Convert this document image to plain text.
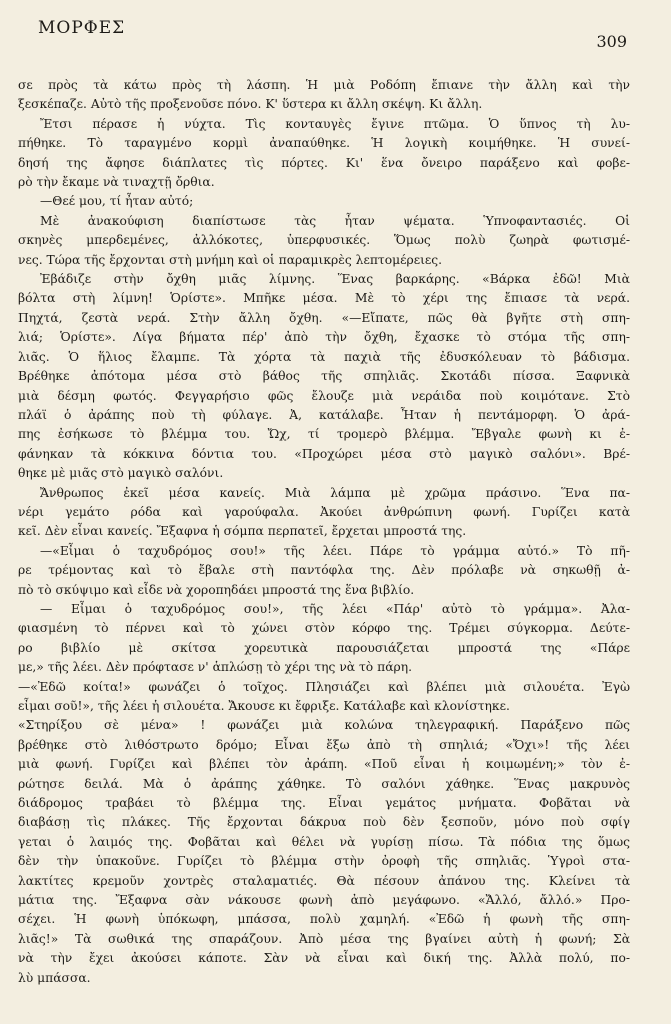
ΜΟΡΦΕΣ
309
σε πρὸς τὰ κάτω πρὸς τὴ λάσπη. Ἡ μιὰ Ροδόπη ἔπιανε τὴν ἄλλη καὶ τὴν
ξεσκέπαζε. Αὐτὸ τῆς προξενοῦσε πόνο. Κ' ὕστερα κι ἄλλη σκέψη. Κι ἄλλη.
Ἔτσι πέρασε ἡ νύχτα. Τὶς κονταυγὲς ἔγινε πτῶμα. Ὁ ὕπνος τὴ λυ-
πήθηκε. Τὸ ταραγμένο κορμὶ ἀναπαύθηκε. Ἡ λογικὴ κοιμήθηκε. Ἡ συνεί-
δησή της ἄφησε διάπλατες τὶς πόρτες. Κι' ἕνα ὄνειρο παράξενο καὶ φοβε-
ρὸ τὴν ἔκαμε νὰ τιναχτῇ ὄρθια.
—Θεέ μου, τί ἦταν αὐτό;
Μὲ ἀνακούφιση διαπίστωσε τὰς ἦταν ψέματα. Ὑπνοφαντασιές. Οἱ
σκηνὲς μπερδεμένες, ἀλλόκοτες, ὑπερφυσικές. Ὅμως πολὺ ζωηρὰ φωτισμέ-
νες. Τώρα τῆς ἔρχονται στὴ μνήμη καὶ οἱ παραμικρὲς λεπτομέρειες.
Ἐβάδιζε στὴν ὄχθη μιᾶς λίμνης. Ἕνας βαρκάρης. «Βάρκα ἐδῶ! Μιὰ
βόλτα στὴ λίμνη! Ὁρίστε». Μπῆκε μέσα. Μὲ τὸ χέρι της ἔπιασε τὰ νερά.
Πηχτά, ζεστὰ νερά. Στὴν ἄλλη ὄχθη. «—Εἴπατε, πῶς θὰ βγῆτε στὴ σπη-
λιά; Ὁρίστε». Λίγα βήματα πέρ' ἀπὸ τὴν ὄχθη, ἔχασκε τὸ στόμα τῆς σπη-
λιᾶς. Ὁ ἥλιος ἔλαμπε. Τὰ χόρτα τὰ παχιὰ τῆς ἐδυσκόλευαν τὸ βάδισμα.
Βρέθηκε ἀπότομα μέσα στὸ βάθος τῆς σπηλιᾶς. Σκοτάδι πίσσα. Ξαφνικὰ
μιὰ δέσμη φωτός. Φεγγαρήσιο φῶς ἔλουζε μιὰ νεράιδα ποὺ κοιμότανε. Στὸ
πλάϊ ὁ ἀράπης ποὺ τὴ φύλαγε. Ἀ, κατάλαβε. Ἦταν ἡ πεντάμορφη. Ὁ ἀρά-
πης ἐσήκωσε τὸ βλέμμα του. Ὤχ, τί τρομερὸ βλέμμα. Ἔβγαλε φωνὴ κι ἐ-
φάνηκαν τὰ κόκκινα δόντια του. «Προχώρει μέσα στὸ μαγικὸ σαλόνι». Βρέ-
θηκε μὲ μιᾶς στὸ μαγικὸ σαλόνι.
Ἄνθρωπος ἐκεῖ μέσα κανείς. Μιὰ λάμπα μὲ χρῶμα πράσινο. Ἕνα πα-
νέρι γεμάτο ρόδα καὶ γαρούφαλα. Ἀκούει ἀνθρώπινη φωνή. Γυρίζει κατὰ
κεῖ. Δὲν εἶναι κανείς. Ἔξαφνα ἡ σόμπα περπατεῖ, ἔρχεται μπροστά της.
—«Εἶμαι ὁ ταχυδρόμος σου!» τῆς λέει. Πάρε τὸ γράμμα αὐτό.» Τὸ πῆ-
ρε τρέμοντας καὶ τὸ ἔβαλε στὴ παντόφλα της. Δὲν πρόλαβε νὰ σηκωθῇ ἀ-
πὸ τὸ σκύψιμο καὶ εἶδε νὰ χοροπηδάει μπροστά της ἕνα βιβλίο.
— Εἶμαι ὁ ταχυδρόμος σου!», τῆς λέει «Πάρ' αὐτὸ τὸ γράμμα». Ἀλα-
φιασμένη τὸ πέρνει καὶ τὸ χώνει στὸν κόρφο της. Τρέμει σύγκορμα. Δεύτε-
ρο βιβλίο μὲ σκίτσα χορευτικὰ παρουσιάζεται μπροστά της «Πάρε
με,» τῆς λέει. Δὲν πρόφτασε ν' ἁπλώσῃ τὸ χέρι της νὰ τὸ πάρη.
—«Ἐδῶ κοίτα!» φωνάζει ὁ τοῖχος. Πλησιάζει καὶ βλέπει μιὰ σιλουέτα. Ἐγὼ
εἶμαι σοῦ!», τῆς λέει ἡ σιλουέτα. Ἄκουσε κι ἔφριξε. Κατάλαβε καὶ κλονίστηκε.
«Στηρίξου σὲ μένα» ! φωνάζει μιὰ κολώνα τηλεγραφική. Παράξενο πῶς
βρέθηκε στὸ λιθόστρωτο δρόμο; Εἶναι ἔξω ἀπὸ τὴ σπηλιά; «Ὄχι»! τῆς λέει
μιὰ φωνή. Γυρίζει καὶ βλέπει τὸν ἀράπη. «Ποῦ εἶναι ἡ κοιμωμένη;» τὸν ἐ-
ρώτησε δειλά. Μὰ ὁ ἀράπης χάθηκε. Τὸ σαλόνι χάθηκε. Ἕνας μακρυνὸς
διάδρομος τραβάει τὸ βλέμμα της. Εἶναι γεμάτος μνήματα. Φοβᾶται νὰ
διαβάσῃ τὶς πλάκες. Τῆς ἔρχονται δάκρυα ποὺ δὲν ξεσποῦν, μόνο ποὺ σφίγ
γεται ὁ λαιμός της. Φοβᾶται καὶ θέλει νὰ γυρίσῃ πίσω. Τὰ πόδια της ὅμως
δὲν τὴν ὑπακοῦνε. Γυρίζει τὸ βλέμμα στὴν ὀροφὴ τῆς σπηλιᾶς. Ὑγροὶ στα-
λακτίτες κρεμοῦν χοντρὲς σταλαματιές. Θὰ πέσουν ἀπάνου της. Κλείνει τὰ
μάτια της. Ἔξαφνα σὰν νάκουσε φωνὴ ἀπὸ μεγάφωνο. «Ἄλλό, ἄλλό.» Προ-
σέχει. Ἡ φωνὴ ὑπόκωφη, μπάσσα, πολὺ χαμηλή. «Ἐδῶ ἡ φωνὴ τῆς σπη-
λιᾶς!» Τὰ σωθικά της σπαράζουν. Ἀπὸ μέσα της βγαίνει αὐτὴ ἡ φωνή; Σὰ
νὰ τὴν ἔχει ἀκούσει κάποτε. Σὰν νὰ εἶναι καὶ δική της. Ἀλλὰ πολύ, πο-
λὺ μπάσσα.
